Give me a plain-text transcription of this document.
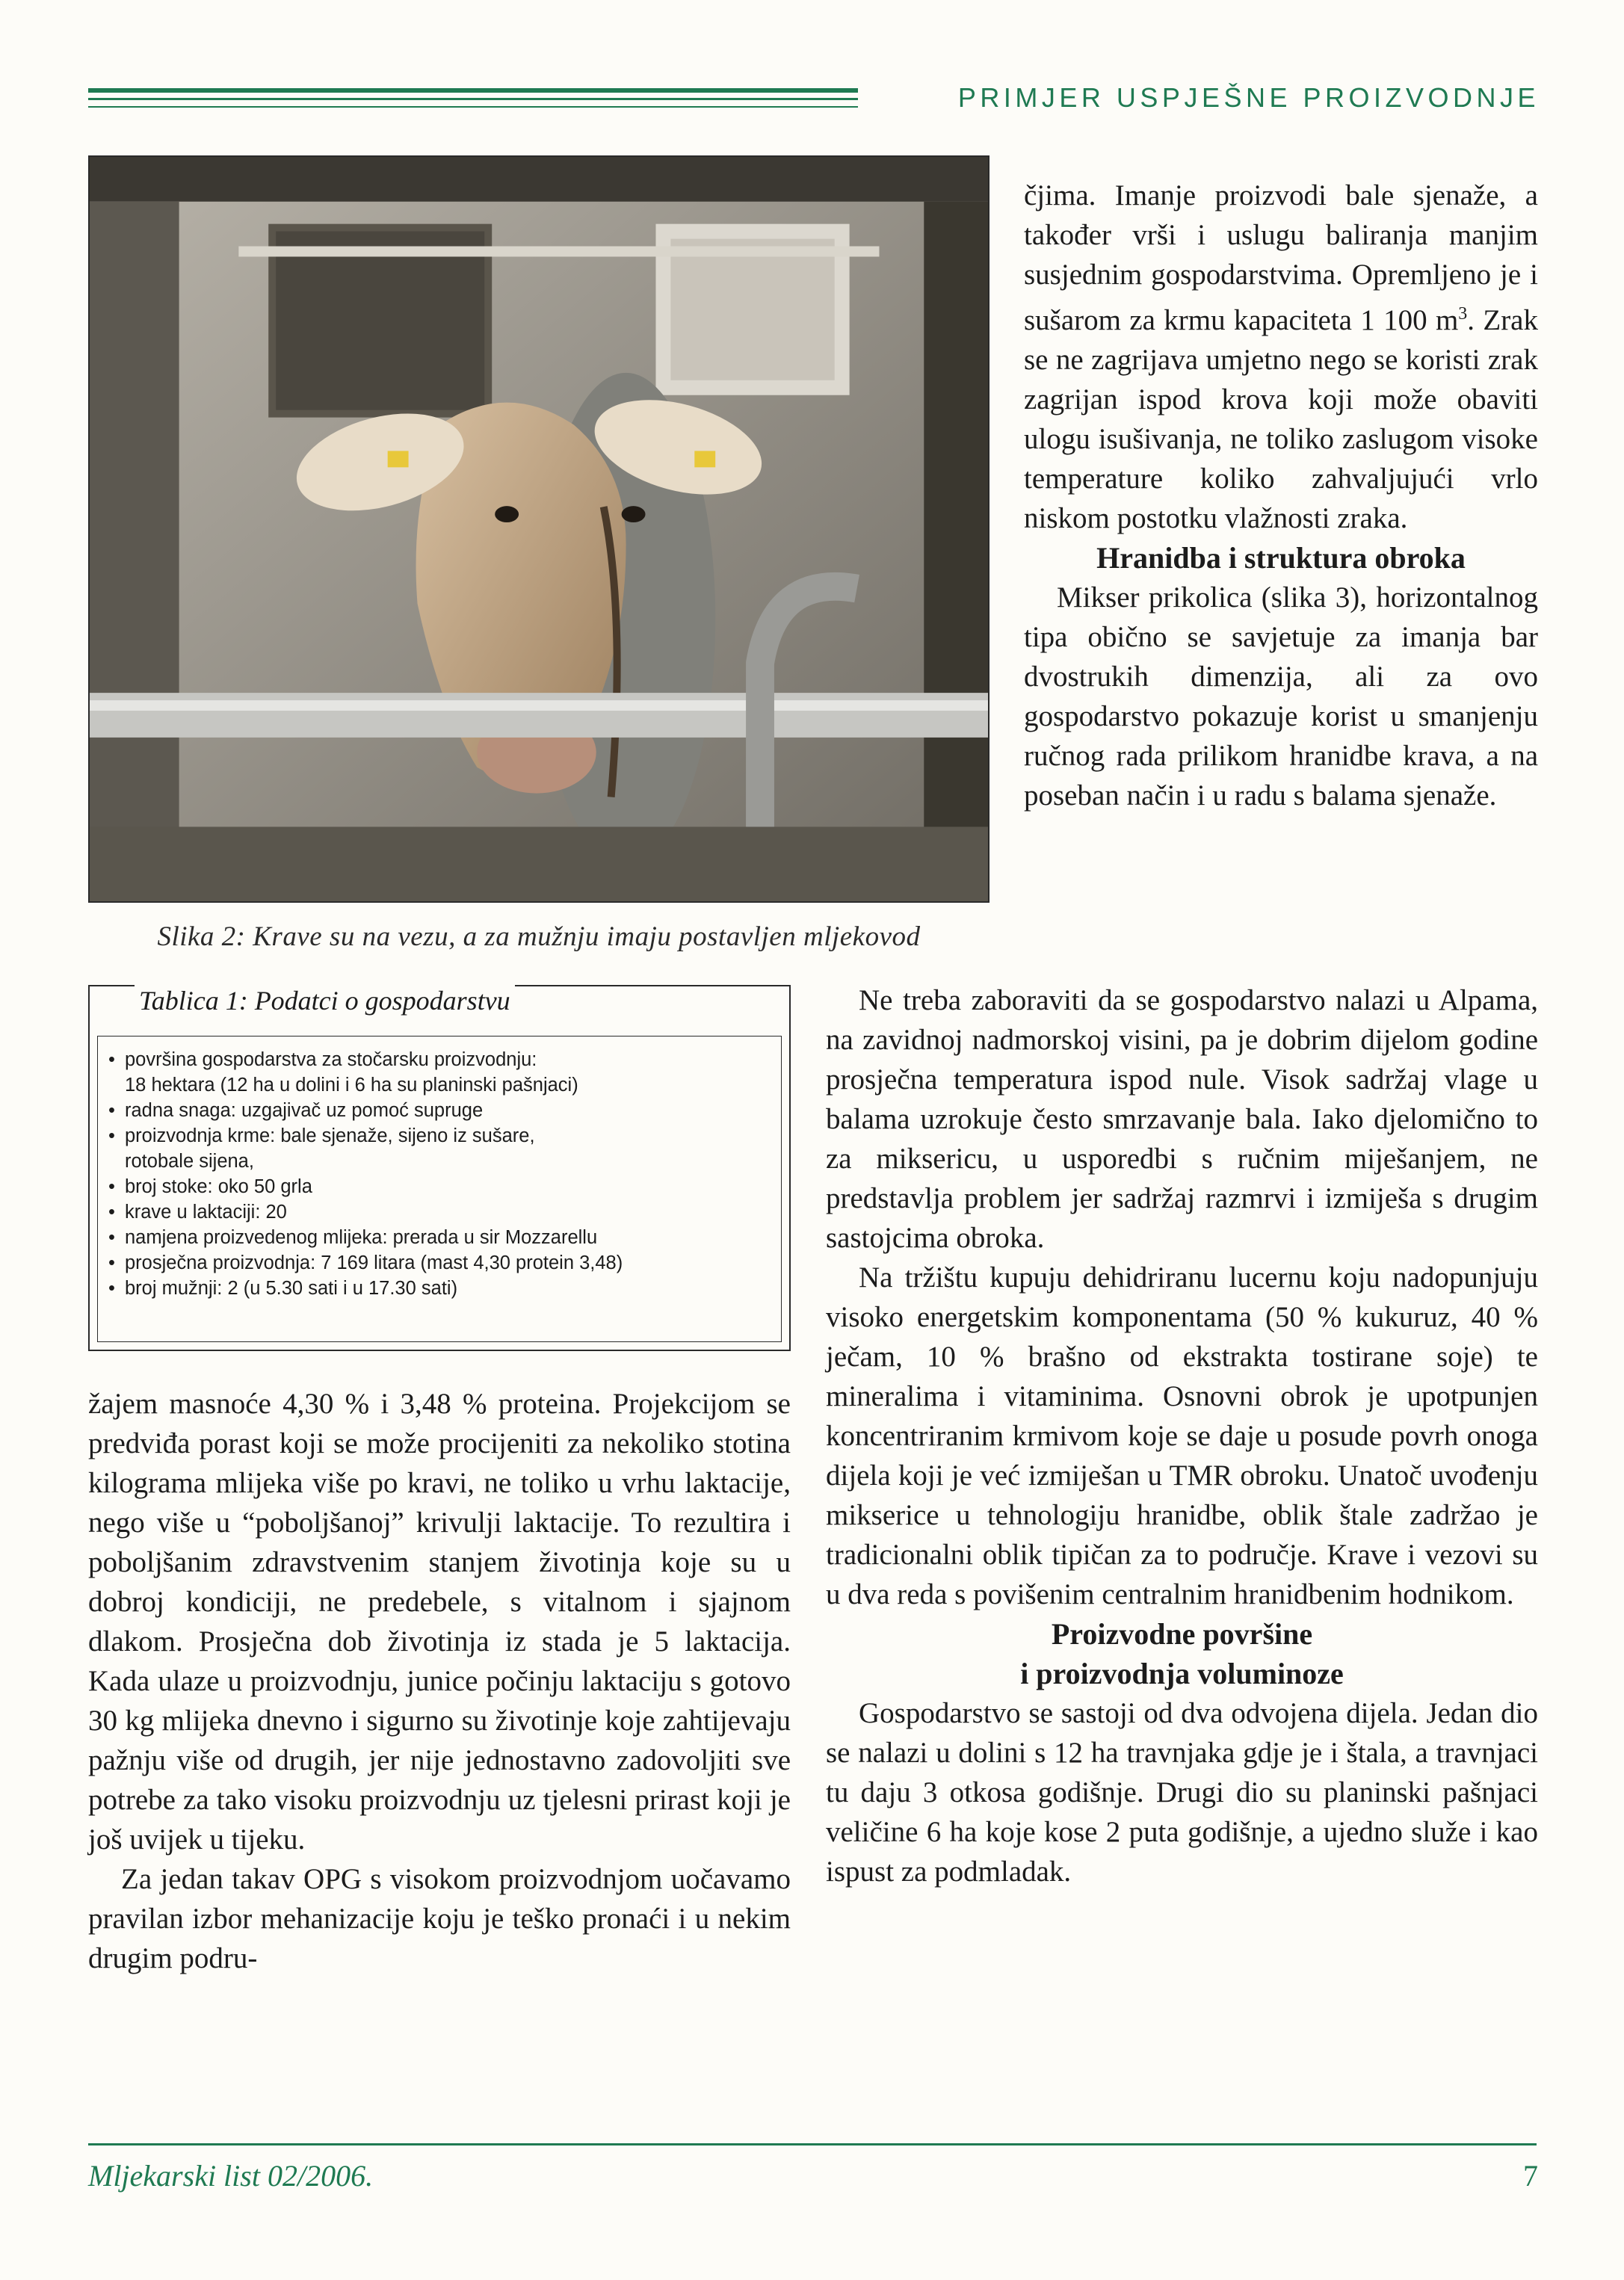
PRIMJER USPJEŠNE PROIZVODNJE
Slika 2: Krave su na vezu, a za mužnju imaju postavljen mljekovod
Tablica 1: Podatci o gospodarstvu
• površina gospodarstva za stočarsku proizvodnju:
18 hektara (12 ha u dolini i 6 ha su planinski pašnjaci)
• radna snaga: uzgajivač uz pomoć supruge
• proizvodnja krme: bale sjenaže, sijeno iz sušare,
rotobale sijena,
• broj stoke: oko 50 grla
• krave u laktaciji: 20
• namjena proizvedenog mlijeka: prerada u sir Mozzarellu
• prosječna proizvodnja: 7 169 litara (mast 4,30 protein 3,48)
• broj mužnji: 2 (u 5.30 sati i u 17.30 sati)

žajem masnoće 4,30 % i 3,48 % proteina. Projekcijom se predviđa porast koji se može procijeniti za nekoliko stotina kilograma mlijeka više po kravi, ne toliko u vrhu laktacije, nego više u “poboljšanoj” krivulji laktacije. To rezultira i poboljšanim zdravstvenim stanjem životinja koje su u dobroj kondiciji, ne predebele, s vitalnom i sjajnom dlakom. Prosječna dob životinja iz stada je 5 laktacija. Kada ulaze u proizvodnju, junice počinju laktaciju s gotovo 30 kg mlijeka dnevno i sigurno su životinje koje zahtijevaju pažnju više od drugih, jer nije jednostavno zadovoljiti sve potrebe za tako visoku proizvodnju uz tjelesni prirast koji je još uvijek u tijeku.

Za jedan takav OPG s visokom proizvodnjom uočavamo pravilan izbor mehanizacije koju je teško pronaći i u nekim drugim podru-

čjima. Imanje proizvodi bale sjenaže, a također vrši i uslugu baliranja manjim susjednim gospodarstvima. Opremljeno je i sušarom za krmu kapaciteta 1 100 $m^3$. Zrak se ne zagrijava umjetno nego se koristi zrak zagrijan ispod krova koji može obaviti ulogu isušivanja, ne toliko zaslugom visoke temperature koliko zahvaljujući vrlo niskom postotku vlažnosti zraka.

Hranidba i struktura obroka

Mikser prikolica (slika 3), horizontalnog tipa obično se savjetuje za imanja bar dvostrukih dimenzija, ali za ovo gospodarstvo pokazuje korist u smanjenju ručnog rada prilikom hranidbe krava, a na poseban način i u radu s balama sjenaže.

Ne treba zaboraviti da se gospodarstvo nalazi u Alpama, na zavidnoj nadmorskoj visini, pa je dobrim dijelom godine prosječna temperatura ispod nule. Visok sadržaj vlage u balama uzrokuje često smrzavanje bala. Iako djelomično to za miksericu, u usporedbi s ručnim miješanjem, ne predstavlja problem jer sadržaj razmrvi i izmiješa s drugim sastojcima obroka.

Na tržištu kupuju dehidriranu lucernu koju nadopunjuju visoko energetskim komponentama (50 % kukuruz, 40 % ječam, 10 % brašno od ekstrakta tostirane soje) te mineralima i vitaminima. Osnovni obrok je upotpunjen koncentriranim krmivom koje se daje u posude povrh onoga dijela koji je već izmiješan u TMR obroku. Unatoč uvođenju mikserice u tehnologiju hranidbe, oblik štale zadržao je tradicionalni oblik tipičan za to područje. Krave i vezovi su u dva reda s povišenim centralnim hranidbenim hodnikom.

Proizvodne površine

i proizvodnja voluminoze

Gospodarstvo se sastoji od dva odvojena dijela. Jedan dio se nalazi u dolini s 12 ha travnjaka gdje je i štala, a travnjaci tu daju 3 otkosa godišnje. Drugi dio su planinski pašnjaci veličine 6 ha koje kose 2 puta godišnje, a ujedno služe i kao ispust za podmladak.

Mljekarski list 02/2006.	7
